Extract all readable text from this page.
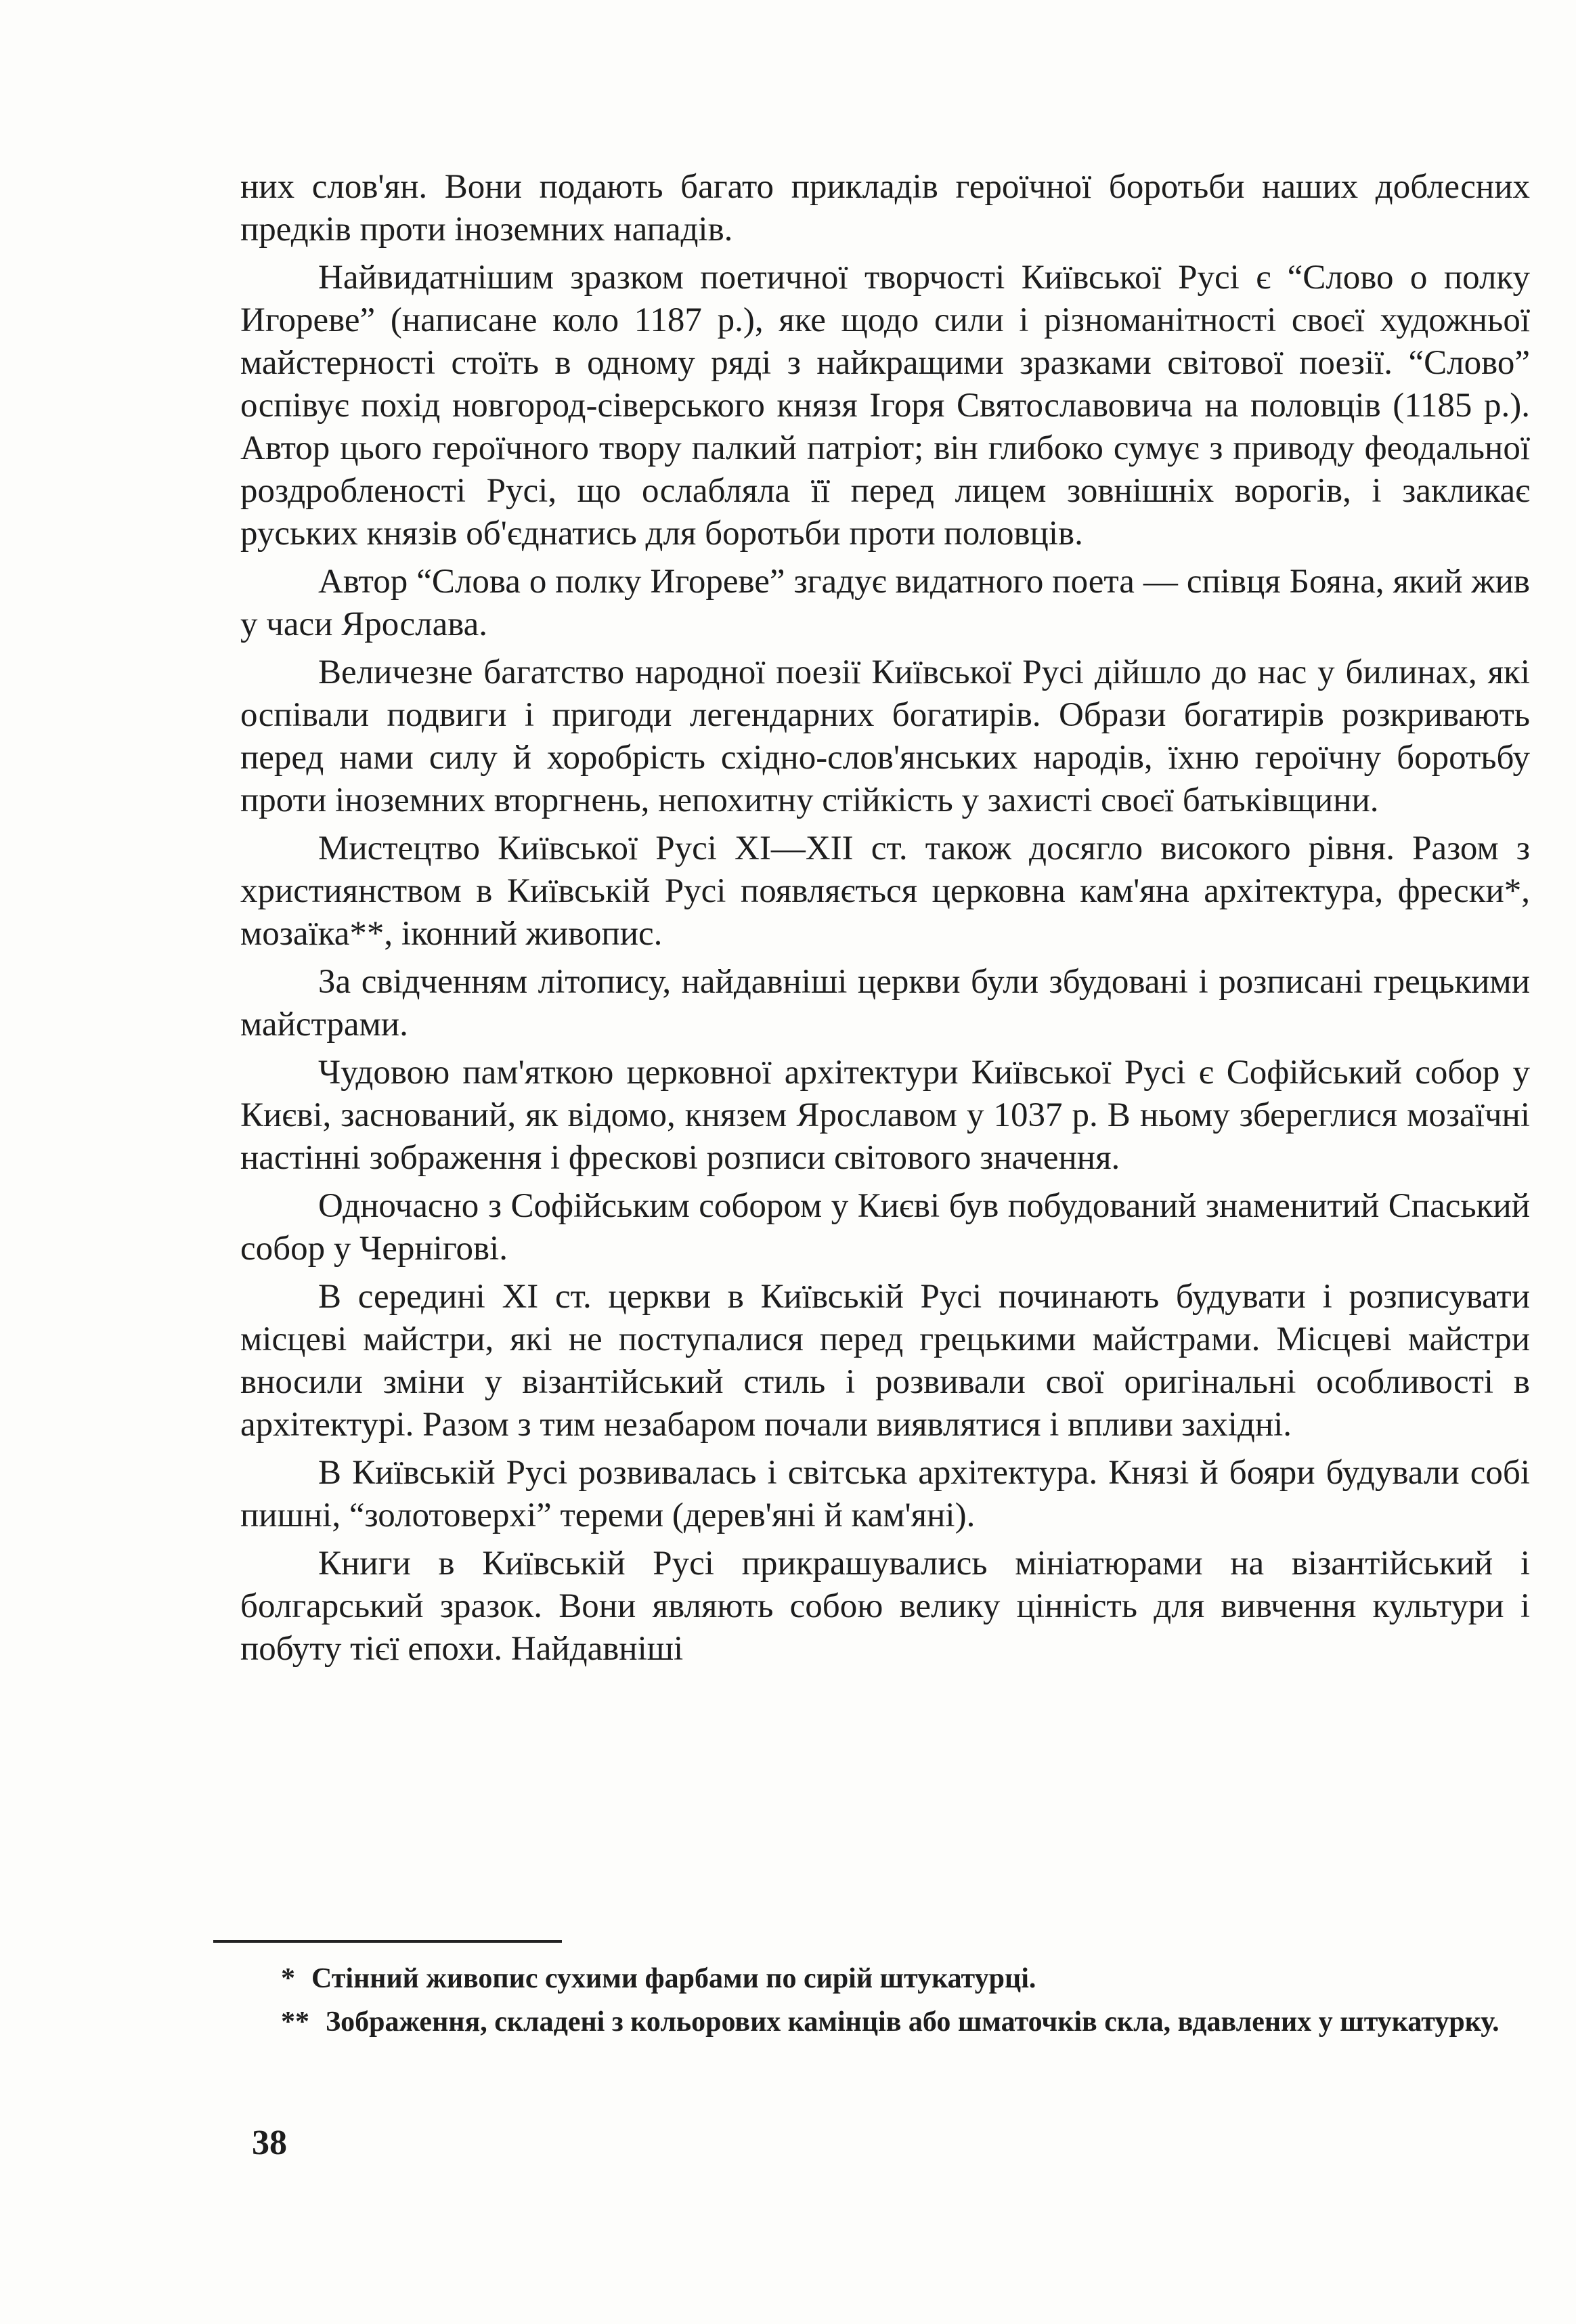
них слов'ян. Вони подають багато прикладів героїчної боротьби наших доблесних предків проти іноземних нападів.

Найвидатнішим зразком поетичної творчості Київської Русі є “Слово о полку Игореве” (написане коло 1187 р.), яке щодо сили і різноманітності своєї художньої майстерності стоїть в одному ряді з найкращими зразками світової поезії. “Слово” оспівує похід новгород-сіверського князя Ігоря Святославовича на половців (1185 р.). Автор цього героїчного твору палкий патріот; він глибоко сумує з приводу феодальної роздробленості Русі, що ослабляла її перед лицем зовнішніх ворогів, і закликає руських князів об'єднатись для боротьби проти половців.

Автор “Слова о полку Игореве” згадує видатного поета — співця Бояна, який жив у часи Ярослава.

Величезне багатство народної поезії Київської Русі дійшло до нас у билинах, які оспівали подвиги і пригоди легендарних богатирів. Образи богатирів розкривають перед нами силу й хоробрість східно-слов'янських народів, їхню героїчну боротьбу проти іноземних вторгнень, непохитну стійкість у захисті своєї батьківщини.

Мистецтво Київської Русі XI—XII ст. також досягло високого рівня. Разом з християнством в Київській Русі появляється церковна кам'яна архітектура, фрески*, мозаїка**, іконний живопис.

За свідченням літопису, найдавніші церкви були збудовані і розписані грецькими майстрами.

Чудовою пам'яткою церковної архітектури Київської Русі є Софійський собор у Києві, заснований, як відомо, князем Ярославом у 1037 р. В ньому збереглися мозаїчні настінні зображення і фрескові розписи світового значення.

Одночасно з Софійським собором у Києві був побудований знаменитий Спаський собор у Чернігові.

В середині XI ст. церкви в Київській Русі починають будувати і розписувати місцеві майстри, які не поступалися перед грецькими майстрами. Місцеві майстри вносили зміни у візантійський стиль і розвивали свої оригінальні особливості в архітектурі. Разом з тим незабаром почали виявлятися і впливи західні.

В Київській Русі розвивалась і світська архітектура. Князі й бояри будували собі пишні, “золотоверхі” тереми (дерев'яні й кам'яні).

Книги в Київській Русі прикрашувались мініатюрами на візантійський і болгарський зразок. Вони являють собою велику цінність для вивчення культури і побуту тієї епохи. Найдавніші

* Стінний живопис сухими фарбами по сирій штукатурці.

** Зображення, складені з кольорових камінців або шматочків скла, вдавлених у штукатурку.

38
